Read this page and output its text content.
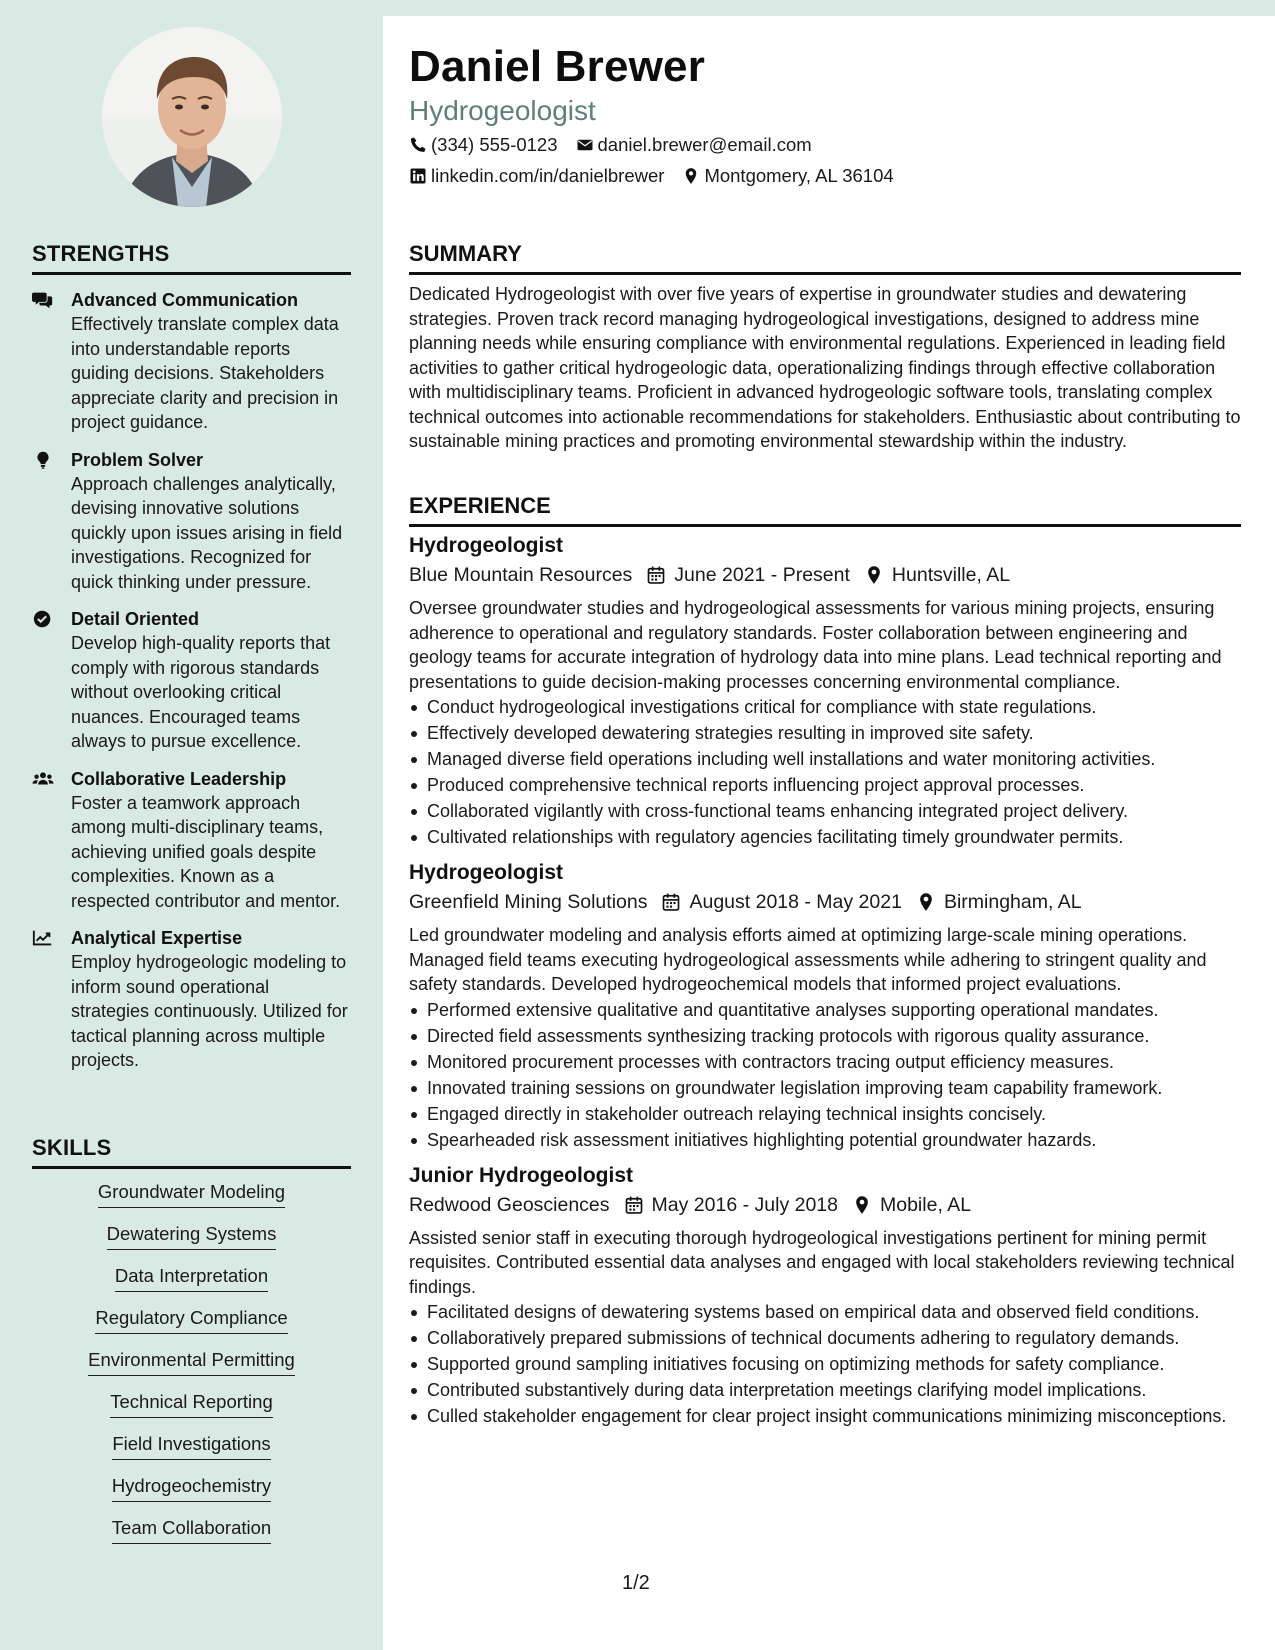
STRENGTHS
Advanced Communication
Effectively translate complex data into understandable reports guiding decisions. Stakeholders appreciate clarity and precision in project guidance.
Problem Solver
Approach challenges analytically, devising innovative solutions quickly upon issues arising in field investigations. Recognized for quick thinking under pressure.
Detail Oriented
Develop high-quality reports that comply with rigorous standards without overlooking critical nuances. Encouraged teams always to pursue excellence.
Collaborative Leadership
Foster a teamwork approach among multi-disciplinary teams, achieving unified goals despite complexities. Known as a respected contributor and mentor.
Analytical Expertise
Employ hydrogeologic modeling to inform sound operational strategies continuously. Utilized for tactical planning across multiple projects.
SKILLS
Groundwater Modeling
Dewatering Systems
Data Interpretation
Regulatory Compliance
Environmental Permitting
Technical Reporting
Field Investigations
Hydrogeochemistry
Team Collaboration
Daniel Brewer
Hydrogeologist
(334) 555-0123 daniel.brewer@email.com
linkedin.com/in/danielbrewer Montgomery, AL 36104
SUMMARY

Dedicated Hydrogeologist with over five years of expertise in groundwater studies and dewatering strategies. Proven track record managing hydrogeological investigations, designed to address mine planning needs while ensuring compliance with environmental regulations. Experienced in leading field activities to gather critical hydrogeologic data, operationalizing findings through effective collaboration with multidisciplinary teams. Proficient in advanced hydrogeologic software tools, translating complex technical outcomes into actionable recommendations for stakeholders. Enthusiastic about contributing to sustainable mining practices and promoting environmental stewardship within the industry.

EXPERIENCE
Hydrogeologist
Blue Mountain Resources June 2021 - Present Huntsville, AL

Oversee groundwater studies and hydrogeological assessments for various mining projects, ensuring adherence to operational and regulatory standards. Foster collaboration between engineering and geology teams for accurate integration of hydrology data into mine plans. Lead technical reporting and presentations to guide decision-making processes concerning environmental compliance.

Conduct hydrogeological investigations critical for compliance with state regulations.
Effectively developed dewatering strategies resulting in improved site safety.
Managed diverse field operations including well installations and water monitoring activities.
Produced comprehensive technical reports influencing project approval processes.
Collaborated vigilantly with cross-functional teams enhancing integrated project delivery.
Cultivated relationships with regulatory agencies facilitating timely groundwater permits.
Hydrogeologist
Greenfield Mining Solutions August 2018 - May 2021 Birmingham, AL

Led groundwater modeling and analysis efforts aimed at optimizing large-scale mining operations. Managed field teams executing hydrogeological assessments while adhering to stringent quality and safety standards. Developed hydrogeochemical models that informed project evaluations.

Performed extensive qualitative and quantitative analyses supporting operational mandates.
Directed field assessments synthesizing tracking protocols with rigorous quality assurance.
Monitored procurement processes with contractors tracing output efficiency measures.
Innovated training sessions on groundwater legislation improving team capability framework.
Engaged directly in stakeholder outreach relaying technical insights concisely.
Spearheaded risk assessment initiatives highlighting potential groundwater hazards.
Junior Hydrogeologist
Redwood Geosciences May 2016 - July 2018 Mobile, AL

Assisted senior staff in executing thorough hydrogeological investigations pertinent for mining permit requisites. Contributed essential data analyses and engaged with local stakeholders reviewing technical findings.

Facilitated designs of dewatering systems based on empirical data and observed field conditions.
Collaboratively prepared submissions of technical documents adhering to regulatory demands.
Supported ground sampling initiatives focusing on optimizing methods for safety compliance.
Contributed substantively during data interpretation meetings clarifying model implications.
Culled stakeholder engagement for clear project insight communications minimizing misconceptions.
1/2
